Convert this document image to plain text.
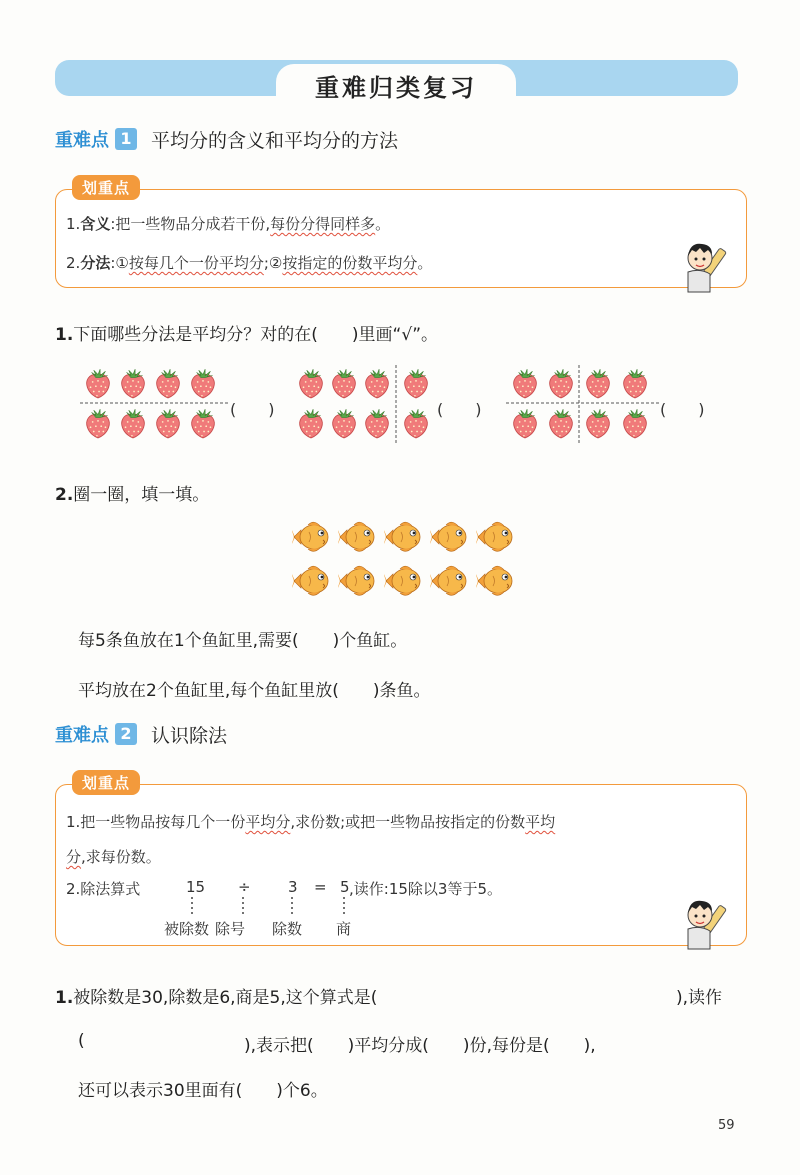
重难归类复习
重难点 1 平均分的含义和平均分的方法
划重点
1.含义:把一些物品分成若干份,每份分得同样多。
2.分法:①按每几个一份平均分;②按指定的份数平均分。
1.下面哪些分法是平均分？对的在(　　)里画“√”。
(　　)	(　　)	(　　)
2.圈一圈，填一填。
每5条鱼放在1个鱼缸里,需要(　　)个鱼缸。
平均放在2个鱼缸里,每个鱼缸里放(　　)条鱼。
重难点 2 认识除法
划重点
1.把一些物品按每几个一份平均分,求份数;或把一些物品按指定的份数平均
分,求每份数。
2.除法算式	15 ÷ 3 = 5 ,读作:15除以3等于5。
被除数 除号 除数 商
1.被除数是30,除数是6,商是5,这个算式是(	),读作
(	),表示把(　　)平均分成(　　)份,每份是(　　),
还可以表示30里面有(　　)个6。
59
